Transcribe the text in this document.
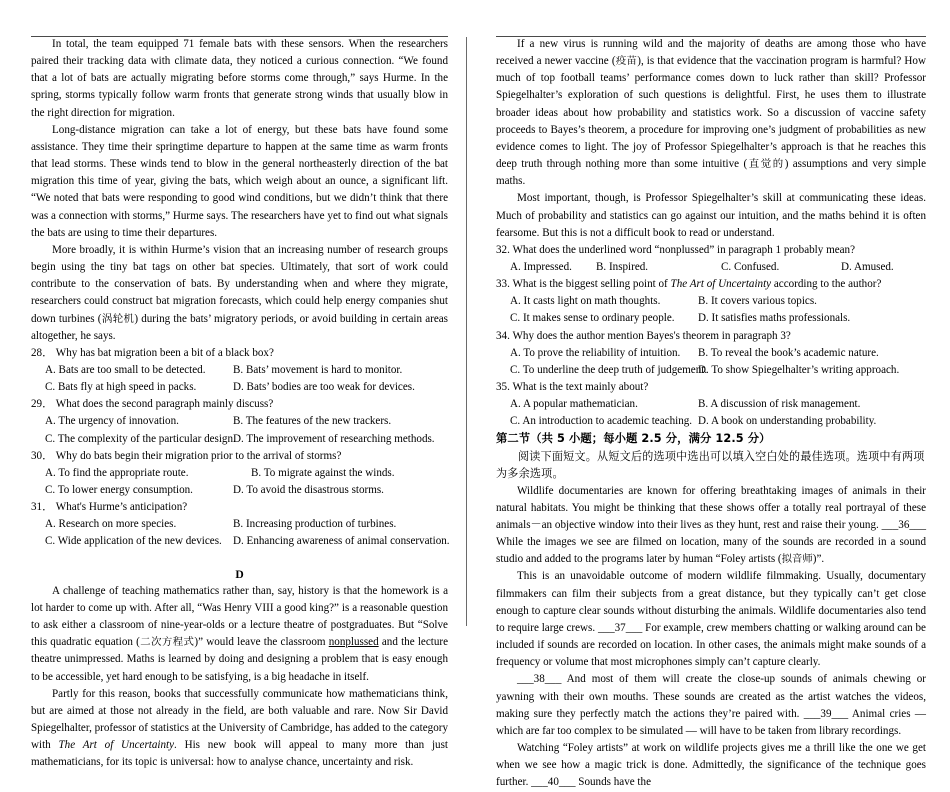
In total, the team equipped 71 female bats with these sensors. When the researchers paired their tracking data with climate data, they noticed a curious connection. “We found that a lot of bats are actually migrating before storms come through,” says Hurme. In the spring, storms typically follow warm fronts that generate strong winds that usually blow in the right direction for migration.

Long-distance migration can take a lot of energy, but these bats have found some assistance. They time their springtime departure to happen at the same time as warm fronts that lead storms. These winds tend to blow in the general northeasterly direction of the bat migration this time of year, giving the bats, which weigh about an ounce, a significant lift. “We noted that bats were responding to good wind conditions, but we didn’t think that there was a connection with storms,” Hurme says. The researchers have yet to find out what signals the bats are using to time their departures.

More broadly, it is within Hurme’s vision that an increasing number of research groups begin using the tiny bat tags on other bat species. Ultimately, that sort of work could contribute to the conservation of bats. By understanding when and where they migrate, researchers could construct bat migration forecasts, which could help energy companies shut down turbines (涡轮机) during the bats’ migratory periods, or avoid building in certain areas altogether, he says.

28． Why has bat migration been a bit of a black box?

A. Bats are too small to be detected. B. Bats’ movement is hard to monitor.
C. Bats fly at high speed in packs.	D. Bats’ bodies are too weak for devices.

29． What does the second paragraph mainly discuss?

A. The urgency of innovation.	B. The features of the new trackers.
C. The complexity of the particular design.
D. The improvement of researching methods.

30． Why do bats begin their migration prior to the arrival of storms?

A. To find the appropriate route.	B. To migrate against the winds.
C. To lower energy consumption.	D. To avoid the disastrous storms.

31． What's Hurme’s anticipation?

A. Research on more species.	B. Increasing production of turbines.
C. Wide application of the new devices. D. Enhancing awareness of animal conservation.

D

A challenge of teaching mathematics rather than, say, history is that the homework is a lot harder to come up with. After all, “Was Henry VIII a good king?” is a reasonable question to ask either a classroom of nine-year-olds or a lecture theatre of postgraduates. But “Solve this quadratic equation (二次方程式)” would leave the classroom nonplussed and the lecture theatre unimpressed. Maths is learned by doing and designing a problem that is easy enough to be accessible, yet hard enough to be satisfying, is a big headache in itself.

Partly for this reason, books that successfully communicate how mathematicians think, but are aimed at those not already in the field, are both valuable and rare. Now Sir David Spiegelhalter, professor of statistics at the University of Cambridge, has added to the category with The Art of Uncertainty. His new book will appeal to many more than just mathematicians, for its topic is universal: how to analyse chance, uncertainty and risk.

If a new virus is running wild and the majority of deaths are among those who have received a newer vaccine (疫苗), is that evidence that the vaccination program is harmful? How much of top football teams’ performance comes down to luck rather than skill? Professor Spiegelhalter’s exploration of such questions is delightful. First, he uses them to illustrate broader ideas about how probability and statistics work. So a discussion of vaccine safety proceeds to Bayes’s theorem, a procedure for improving one’s judgment of probabilities as new evidence comes to light. The joy of Professor Spiegelhalter’s approach is that he reaches this deep truth through nothing more than some intuitive (直觉的) assumptions and very simple maths.

Most important, though, is Professor Spiegelhalter’s skill at communicating these ideas. Much of probability and statistics can go against our intuition, and the maths behind it is often fearsome. But this is not a difficult book to read or understand.

32. What does the underlined word “nonplussed” in paragraph 1 probably mean?

A. Impressed. B. Inspired.	C. Confused.	D. Amused.

33. What is the biggest selling point of The Art of Uncertainty according to the author?

A. It casts light on math thoughts.	B. It covers various topics.
C. It makes sense to ordinary people. D. It satisfies maths professionals.

34. Why does the author mention Bayes's theorem in paragraph 3?

A. To prove the reliability of intuition. B. To reveal the book’s academic nature.
C. To underline the deep truth of judgement.
D. To show Spiegelhalter’s writing approach.

35. What is the text mainly about?

A. A popular mathematician.	B. A discussion of risk management.
C. An introduction to academic teaching. D. A book on understanding probability.

第二节（共 5 小题；每小题 2.5 分，满分 12.5 分）

阅读下面短文。从短文后的选项中选出可以填入空白处的最佳选项。选项中有两项为多余选项。

Wildlife documentaries are known for offering breathtaking images of animals in their natural habitats. You might be thinking that these shows offer a totally real portrayal of these animals－an objective window into their lives as they hunt, rest and raise their young. ___36___ While the images we see are filmed on location, many of the sounds are recorded in a sound studio and added to the programs later by human “Foley artists (拟音师)”.

This is an unavoidable outcome of modern wildlife filmmaking. Usually, documentary filmmakers can film their subjects from a great distance, but they typically can’t get close enough to capture clear sounds without disturbing the animals. Wildlife documentaries also tend to require large crews. ___37___ For example, crew members chatting or walking around can be included if sounds are recorded on location. In other cases, the animals might make sounds of a frequency or volume that most microphones simply can’t capture clearly.

___38___ And most of them will create the close-up sounds of animals chewing or yawning with their own mouths. These sounds are created as the artist watches the videos, making sure they perfectly match the actions they’re paired with. ___39___ Animal cries — which are far too complex to be simulated — will have to be taken from library recordings.

Watching “Foley artists” at work on wildlife projects gives me a thrill like the one we get when we see how a magic trick is done. Admittedly, the significance of the technique goes further. ___40___ Sounds have the
